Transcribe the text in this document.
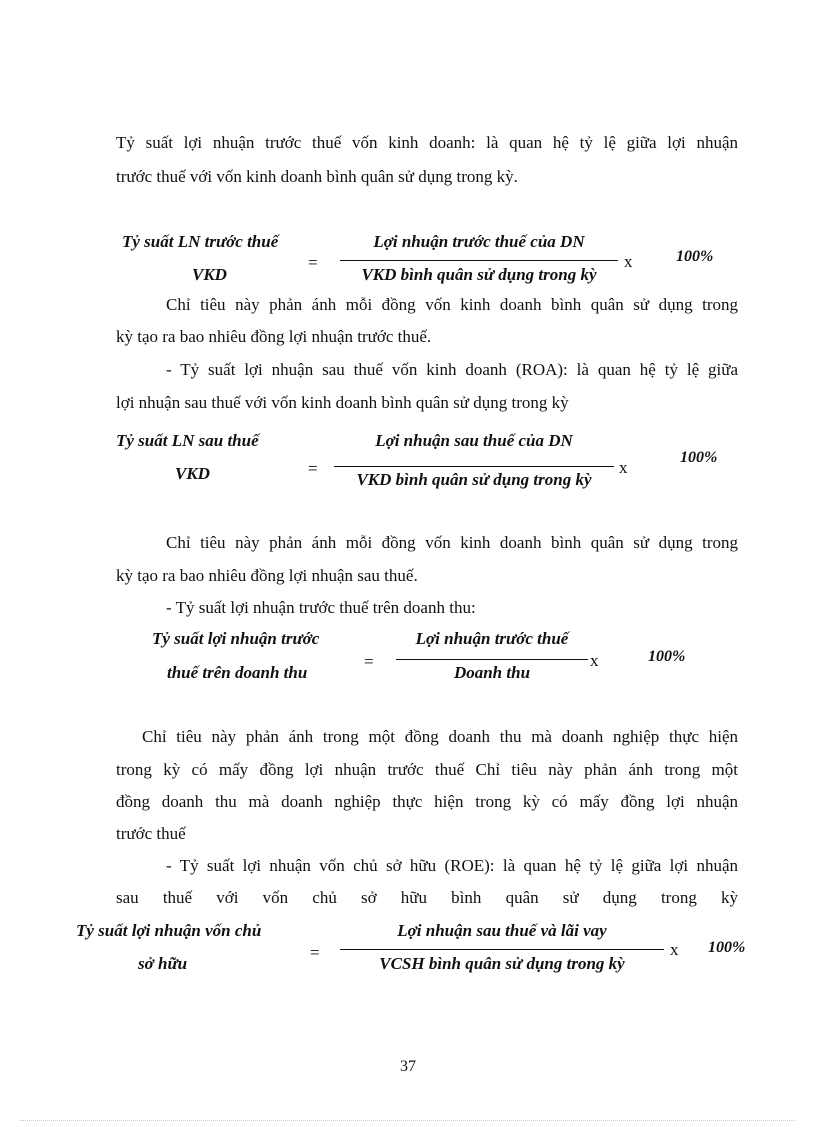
Tỷ suất lợi nhuận trước thuế vốn kinh doanh: là quan hệ tỷ lệ giữa lợi nhuận
trước thuế với vốn kinh doanh bình quân sử dụng trong kỳ.
Tỷ suất LN trước thuế
VKD
=
Lợi nhuận trước thuế của DN
VKD bình quân sử dụng trong kỳ
x	100%
Chỉ tiêu này phản ánh mỗi đồng vốn kinh doanh bình quân sử dụng trong
kỳ tạo ra bao nhiêu đồng lợi nhuận trước thuế.
- Tỷ suất lợi nhuận sau thuế vốn kinh doanh (ROA): là quan hệ tỷ lệ giữa
lợi nhuận sau thuế với vốn kinh doanh bình quân sử dụng trong kỳ
Tỷ suất LN sau thuế
VKD	=
Lợi nhuận sau thuế của DN
VKD bình quân sử dụng trong kỳ
x
100%
Chỉ tiêu này phản ánh mỗi đồng vốn kinh doanh bình quân sử dụng trong
kỳ tạo ra bao nhiêu đồng lợi nhuận sau thuế.
- Tỷ suất lợi nhuận trước thuế trên doanh thu:
Tỷ suất lợi nhuận trước
thuế trên doanh thu
=
Lợi nhuận trước thuế
Doanh thu
x	100%
Chỉ tiêu này phản ánh trong một đồng doanh thu mà doanh nghiệp thực hiện
trong kỳ có mấy đồng lợi nhuận trước thuế Chỉ tiêu này phản ánh trong một
đồng doanh thu mà doanh nghiệp thực hiện trong kỳ có mấy đồng lợi nhuận
trước thuế
- Tỷ suất lợi nhuận vốn chủ sở hữu (ROE): là quan hệ tỷ lệ giữa lợi nhuận
sau thuế với vốn chủ sở hữu bình quân sử dụng trong kỳ
Tỷ suất lợi nhuận vốn chủ
sở hữu
=
Lợi nhuận sau thuế và lãi vay
VCSH bình quân sử dụng trong kỳ
x 100%
37
